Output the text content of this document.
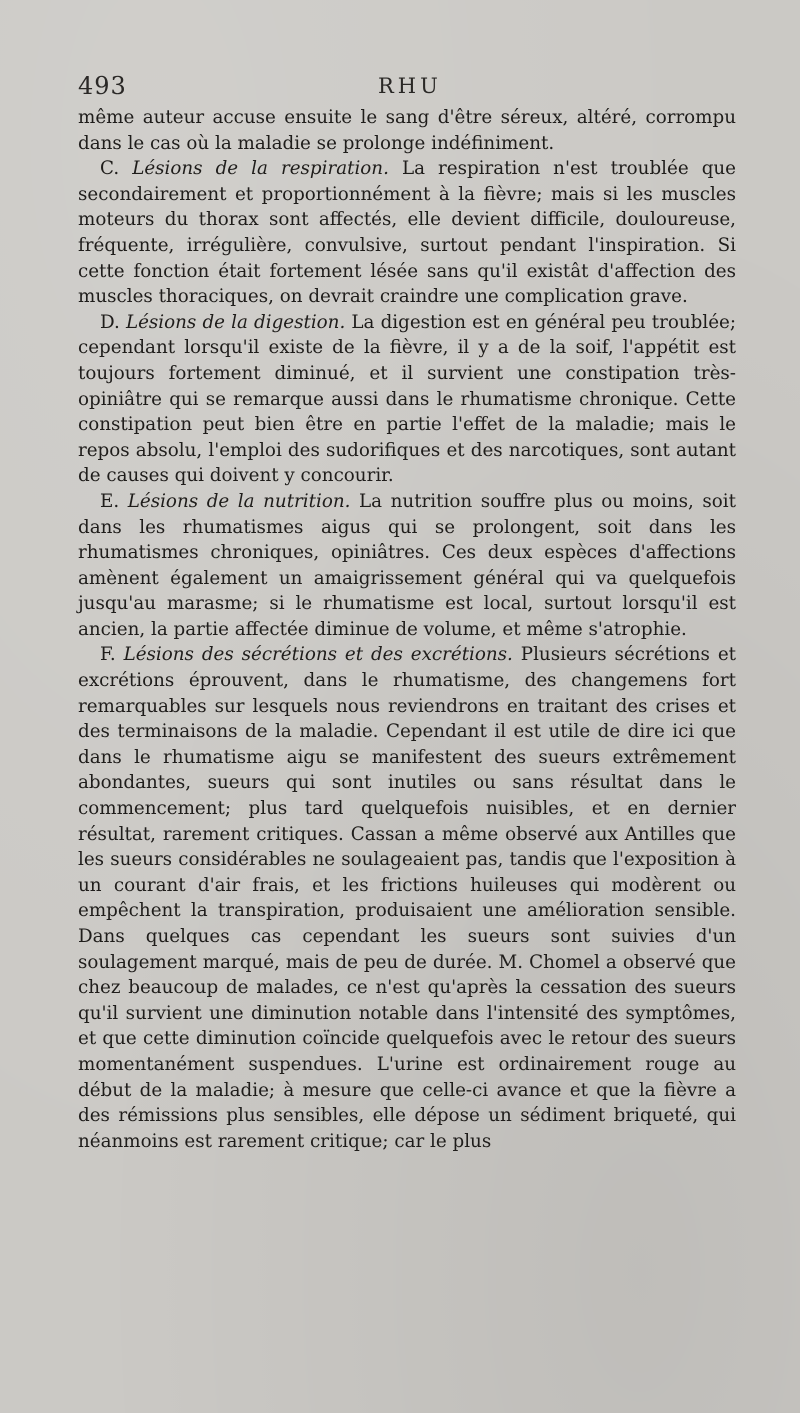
493	RHU

même auteur accuse ensuite le sang d'être séreux, altéré, corrompu dans le cas où la maladie se prolonge indéfiniment.

C. Lésions de la respiration. La respiration n'est troublée que secondairement et proportionnément à la fièvre; mais si les muscles moteurs du thorax sont affectés, elle devient difficile, douloureuse, fréquente, irrégulière, convulsive, surtout pendant l'inspiration. Si cette fonction était fortement lésée sans qu'il existât d'affection des muscles thoraciques, on devrait craindre une complication grave.

D. Lésions de la digestion. La digestion est en général peu troublée; cependant lorsqu'il existe de la fièvre, il y a de la soif, l'appétit est toujours fortement diminué, et il survient une constipation très-opiniâtre qui se remarque aussi dans le rhumatisme chronique. Cette constipation peut bien être en partie l'effet de la maladie; mais le repos absolu, l'emploi des sudorifiques et des narcotiques, sont autant de causes qui doivent y concourir.

E. Lésions de la nutrition. La nutrition souffre plus ou moins, soit dans les rhumatismes aigus qui se prolongent, soit dans les rhumatismes chroniques, opiniâtres. Ces deux espèces d'affections amènent également un amaigrissement général qui va quelquefois jusqu'au marasme; si le rhumatisme est local, surtout lorsqu'il est ancien, la partie affectée diminue de volume, et même s'atrophie.

F. Lésions des sécrétions et des excrétions. Plusieurs sécrétions et excrétions éprouvent, dans le rhumatisme, des changemens fort remarquables sur lesquels nous reviendrons en traitant des crises et des terminaisons de la maladie. Cependant il est utile de dire ici que dans le rhumatisme aigu se manifestent des sueurs extrêmement abondantes, sueurs qui sont inutiles ou sans résultat dans le commencement; plus tard quelquefois nuisibles, et en dernier résultat, rarement critiques. Cassan a même observé aux Antilles que les sueurs considérables ne soulageaient pas, tandis que l'exposition à un courant d'air frais, et les frictions huileuses qui modèrent ou empêchent la transpiration, produisaient une amélioration sensible. Dans quelques cas cependant les sueurs sont suivies d'un soulagement marqué, mais de peu de durée. M. Chomel a observé que chez beaucoup de malades, ce n'est qu'après la cessation des sueurs qu'il survient une diminution notable dans l'intensité des symptômes, et que cette diminution coïncide quelquefois avec le retour des sueurs momentanément suspendues. L'urine est ordinairement rouge au début de la maladie; à mesure que celle-ci avance et que la fièvre a des rémissions plus sensibles, elle dépose un sédiment briqueté, qui néanmoins est rarement critique; car le plus
